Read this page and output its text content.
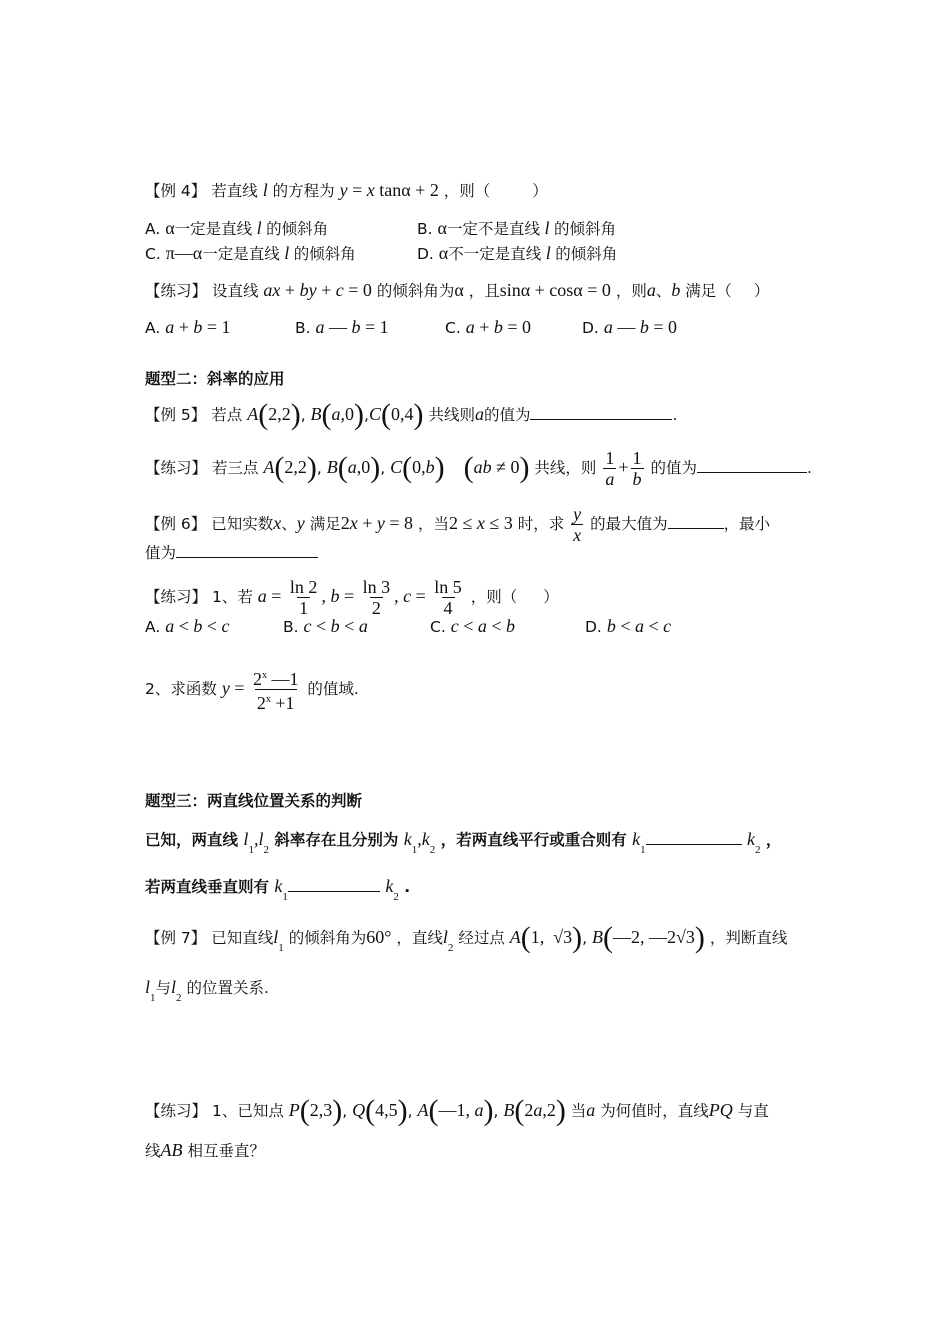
【例 4】 若直线 l 的方程为 y = x tanα + 2 ，则（	）
A. α一定是直线 l 的倾斜角	B. α一定不是直线 l 的倾斜角
C. π—α一定是直线 l 的倾斜角	D. α不一定是直线 l 的倾斜角
【练习】 设直线 ax + by + c = 0 的倾斜角为α ，且sinα + cosα = 0 ，则a、b 满足（ ）
A. a + b = 1	B. a — b = 1	C. a + b = 0	D. a — b = 0
题型二：斜率的应用
【例 5】 若点 A(2,2), B(a,0),C(0,4) 共线则a的值为	.
【练习】 若三点 A(2,2), B(a,0), C(0,b) (ab ≠ 0) 共线，则 $\frac{1}{a} + \frac{1}{b}$ 的值为	.
【例 6】 已知实数x、y 满足2x + y = 8 ，当2 ≤ x ≤ 3 时，求 $\frac{y}{x}$ 的最大值为	，最小
值为
【练习】 1、若 $a = \frac{\ln 2}{1}$ , $b = \frac{\ln 3}{2}$ , $c = \frac{\ln 5}{4}$ ，则（ ）
A. a < b < c	B. c < b < a	C. c < a < b	D. b < a < c
2、求函数 $y = \frac{2^x —1}{2^x +1}$ 的值域.
题型三：两直线位置关系的判断
已知，两直线 $l_1,l_2$ 斜率存在且分别为 $k_1,k_2$ ，若两直线平行或重合则有 $k_1$ $k_2$ ，
若两直线垂直则有 $k_1$ $k_2$ .
【例 7】 已知直线$l_1$ 的倾斜角为60° ，直线$l_2$ 经过点 A(1,  √3), B(—2, —2√3) ，判断直线
$l_1$与$l_2$ 的位置关系.
【练习】 1、已知点 P(2,3), Q(4,5), A(—1, a), B(2a,2) 当a 为何值时，直线PQ 与直
线AB 相互垂直？
